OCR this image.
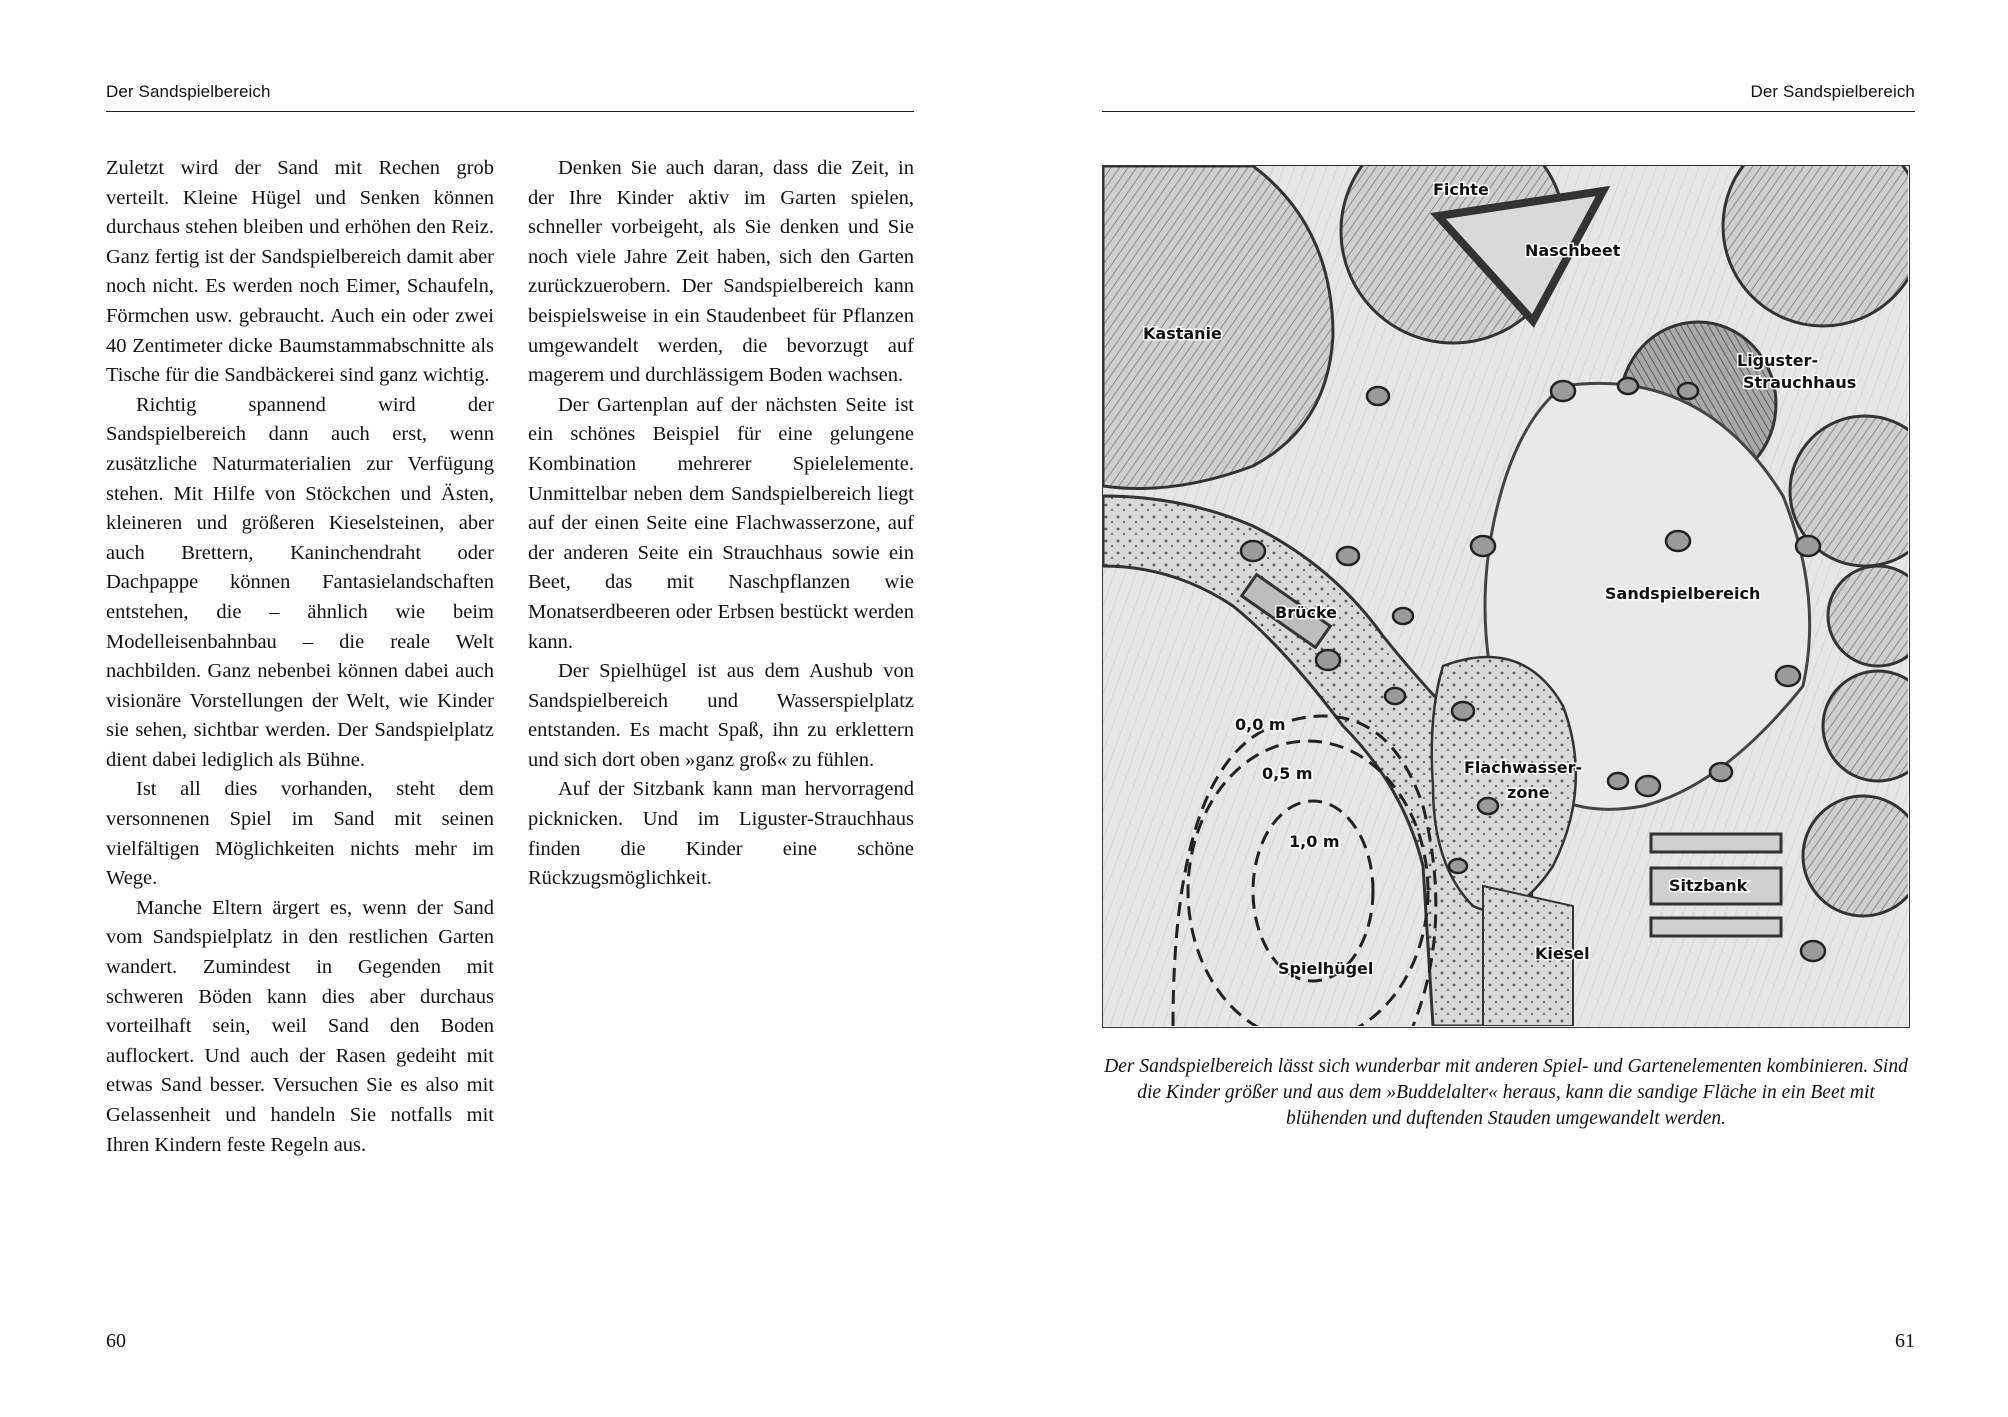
Der Sandspielbereich

Zuletzt wird der Sand mit Rechen grob verteilt. Kleine Hügel und Senken können durchaus stehen bleiben und erhöhen den Reiz. Ganz fertig ist der Sandspielbereich damit aber noch nicht. Es werden noch Eimer, Schaufeln, Förmchen usw. gebraucht. Auch ein oder zwei 40 Zentimeter dicke Baumstammabschnitte als Tische für die Sandbäckerei sind ganz wichtig.

Richtig spannend wird der Sandspielbereich dann auch erst, wenn zusätzliche Naturmaterialien zur Verfügung stehen. Mit Hilfe von Stöckchen und Ästen, kleineren und größeren Kieselsteinen, aber auch Brettern, Kaninchendraht oder Dachpappe können Fantasielandschaften entstehen, die – ähnlich wie beim Modelleisenbahnbau – die reale Welt nachbilden. Ganz nebenbei können dabei auch visionäre Vorstellungen der Welt, wie Kinder sie sehen, sichtbar werden. Der Sandspielplatz dient dabei lediglich als Bühne.

Ist all dies vorhanden, steht dem versonnenen Spiel im Sand mit seinen vielfältigen Möglichkeiten nichts mehr im Wege.

Manche Eltern ärgert es, wenn der Sand vom Sandspielplatz in den restlichen Garten wandert. Zumindest in Gegenden mit schweren Böden kann dies aber durchaus vorteilhaft sein, weil Sand den Boden auflockert. Und auch der Rasen gedeiht mit etwas Sand besser. Versuchen Sie es also mit Gelassenheit und handeln Sie notfalls mit Ihren Kindern feste Regeln aus.

Denken Sie auch daran, dass die Zeit, in der Ihre Kinder aktiv im Garten spielen, schneller vorbeigeht, als Sie denken und Sie noch viele Jahre Zeit haben, sich den Garten zurückzuerobern. Der Sandspielbereich kann beispielsweise in ein Staudenbeet für Pflanzen umgewandelt werden, die bevorzugt auf magerem und durchlässigem Boden wachsen.

Der Gartenplan auf der nächsten Seite ist ein schönes Beispiel für eine gelungene Kombination mehrerer Spielelemente. Unmittelbar neben dem Sandspielbereich liegt auf der einen Seite eine Flachwasserzone, auf der anderen Seite ein Strauchhaus sowie ein Beet, das mit Naschpflanzen wie Monatserdbeeren oder Erbsen bestückt werden kann.

Der Spielhügel ist aus dem Aushub von Sandspielbereich und Wasserspielplatz entstanden. Es macht Spaß, ihn zu erklettern und sich dort oben »ganz groß« zu fühlen.

Auf der Sitzbank kann man hervorragend picknicken. Und im Liguster-Strauchhaus finden die Kinder eine schöne Rückzugsmöglichkeit.

60
Der Sandspielbereich
61
Fichte
Naschbeet
Kastanie
Liguster-
Strauchhaus
Sandspielbereich
Brücke
0,0 m
0,5 m
1,0 m
Flachwasser-
zone
Sitzbank
Spielhügel
Kiesel
Der Sandspielbereich lässt sich wunderbar mit anderen Spiel- und Gartenelementen kombinieren. Sind die Kinder größer und aus dem »Buddelalter« heraus, kann die sandige Fläche in ein Beet mit blühenden und duftenden Stauden umgewandelt werden.
